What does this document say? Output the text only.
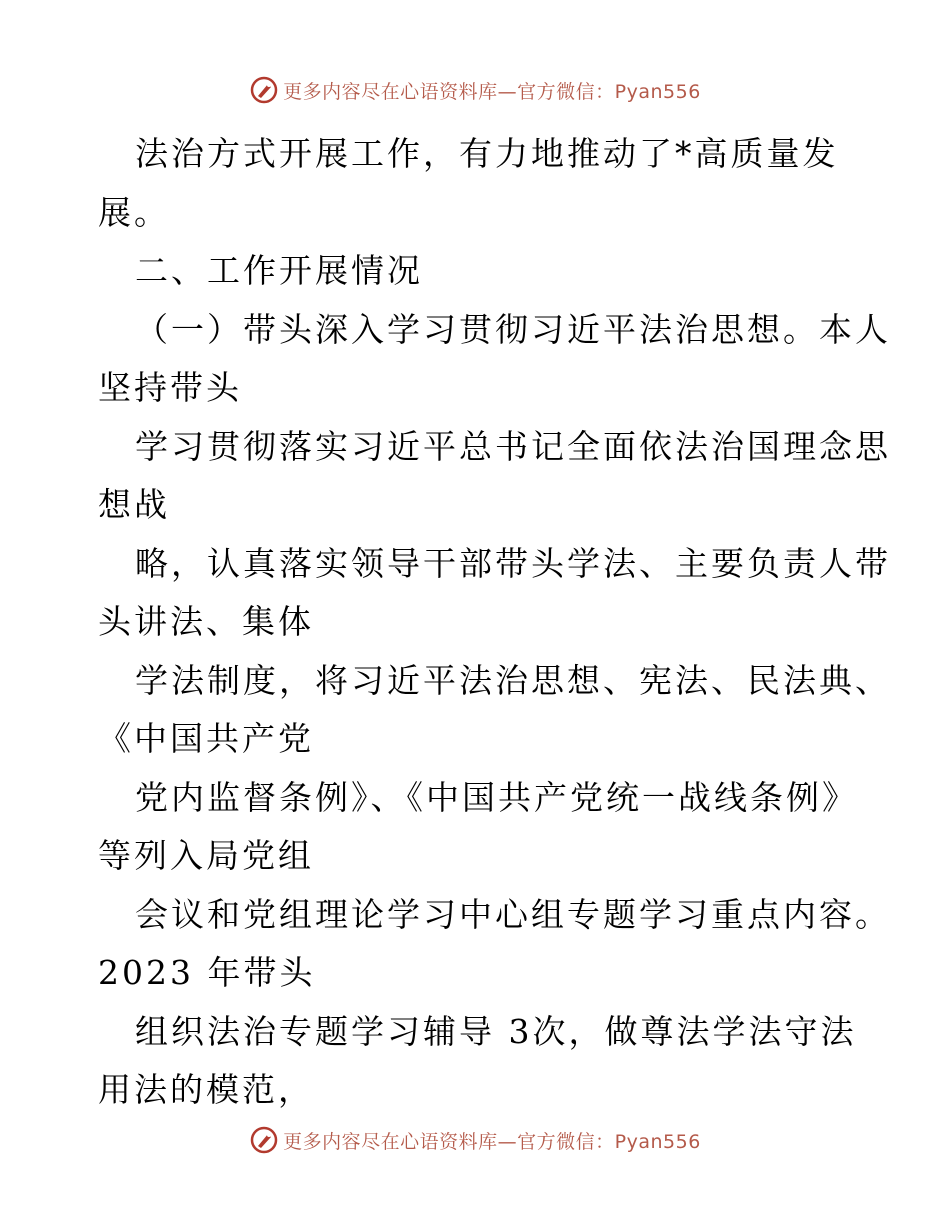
更多内容尽在心语资料库—官方微信：Pyan556
法治方式开展工作，有力地推动了*高质量发
展。
二、工作开展情况
（一）带头深入学习贯彻习近平法治思想。本人
坚持带头
学习贯彻落实习近平总书记全面依法治国理念思
想战
略，认真落实领导干部带头学法、主要负责人带
头讲法、集体
学法制度，将习近平法治思想、宪法、民法典、
《中国共产党
党内监督条例》、《中国共产党统一战线条例》
等列入局党组
会议和党组理论学习中心组专题学习重点内容。
2023 年带头
组织法治专题学习辅导 3次，做尊法学法守法
用法的模范，
更多内容尽在心语资料库—官方微信：Pyan556
